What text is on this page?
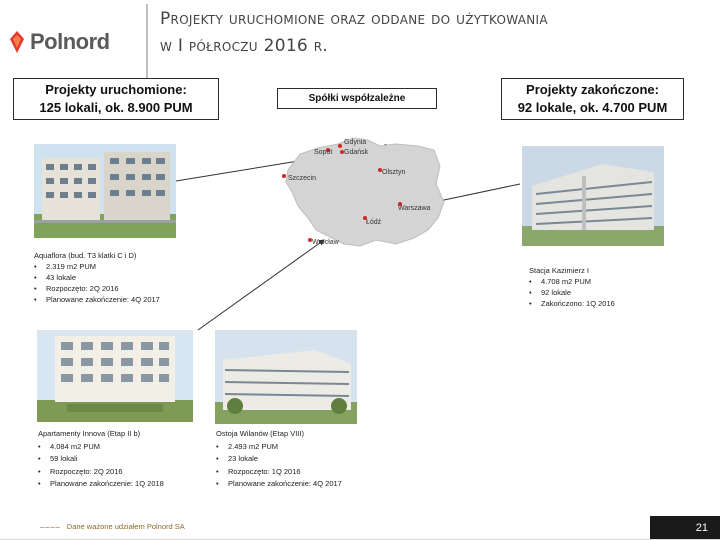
Polnord
Projekty uruchomione oraz oddane do użytkowania
w I półroczu 2016 r.
Projekty uruchomione:
125 lokali, ok. 8.900 PUM
Spółki współzależne
Projekty zakończone:
92 lokale, ok. 4.700 PUM
Sopot
Gdynia
Gdańsk
Olsztyn
Szczecin
Warszawa
Łódź
Wrocław
Aquaflora (bud. T3 klatki C i D)
• 2.319 m2 PUM
• 43 lokale
• Rozpoczęto: 2Q 2016
• Planowane zakończenie: 4Q 2017
Stacja Kazimierz I
• 4.708 m2 PUM
• 92 lokale
• Zakończono: 1Q 2016
Apartamenty Innova (Etap II b)
• 4.084 m2 PUM
• 59 lokali
• Rozpoczęto: 2Q 2016
• Planowane zakończenie: 1Q 2018
Ostoja Wilanów (Etap VIII)
• 2.493 m2 PUM
• 23 lokale
• Rozpoczęto: 1Q 2016
• Planowane zakończenie: 4Q 2017
–––– Dane ważone udziałem Polnord SA	21
